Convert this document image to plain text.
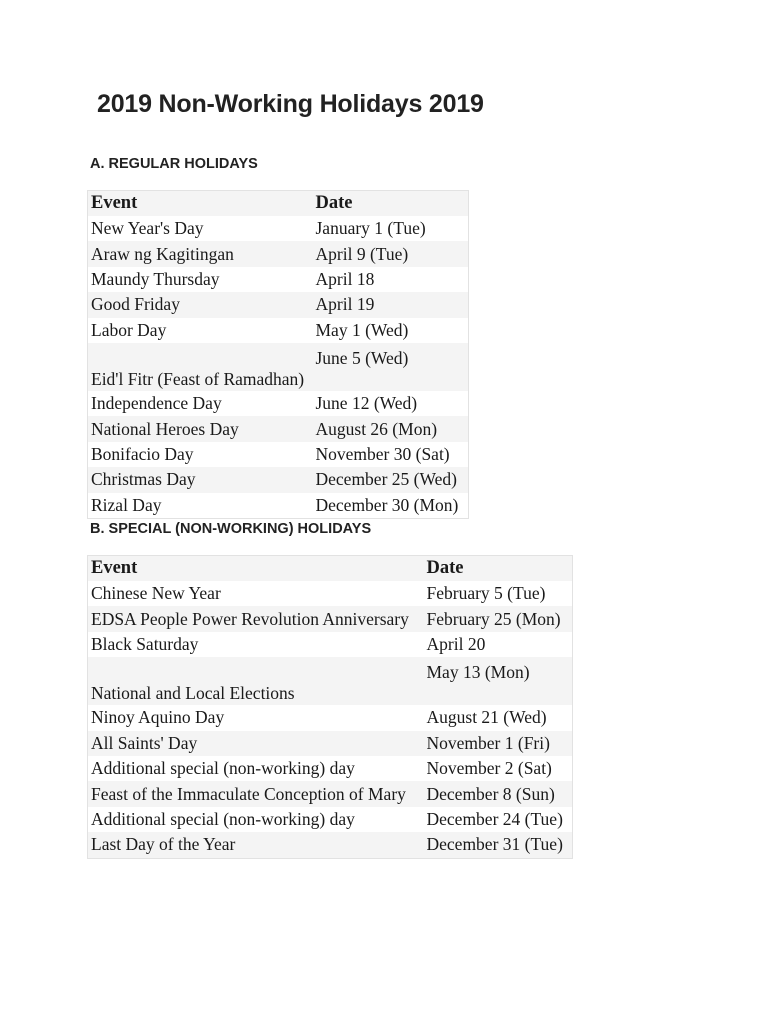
2019 Non-Working Holidays 2019
A. REGULAR HOLIDAYS
Event	Date
New Year's Day	January 1 (Tue)
Araw ng Kagitingan	April 9 (Tue)
Maundy Thursday	April 18
Good Friday	April 19
Labor Day	May 1 (Wed)
Eid'l Fitr (Feast of Ramadhan)	June 5 (Wed)
Independence Day	June 12 (Wed)
National Heroes Day	August 26 (Mon)
Bonifacio Day	November 30 (Sat)
Christmas Day	December 25 (Wed)
Rizal Day	December 30 (Mon)
B. SPECIAL (NON-WORKING) HOLIDAYS
Event	Date
Chinese New Year	February 5 (Tue)
EDSA People Power Revolution Anniversary	February 25 (Mon)
Black Saturday	April 20
National and Local Elections	May 13 (Mon)
Ninoy Aquino Day	August 21 (Wed)
All Saints' Day	November 1 (Fri)
Additional special (non-working) day	November 2 (Sat)
Feast of the Immaculate Conception of Mary	December 8 (Sun)
Additional special (non-working) day	December 24 (Tue)
Last Day of the Year	December 31 (Tue)
